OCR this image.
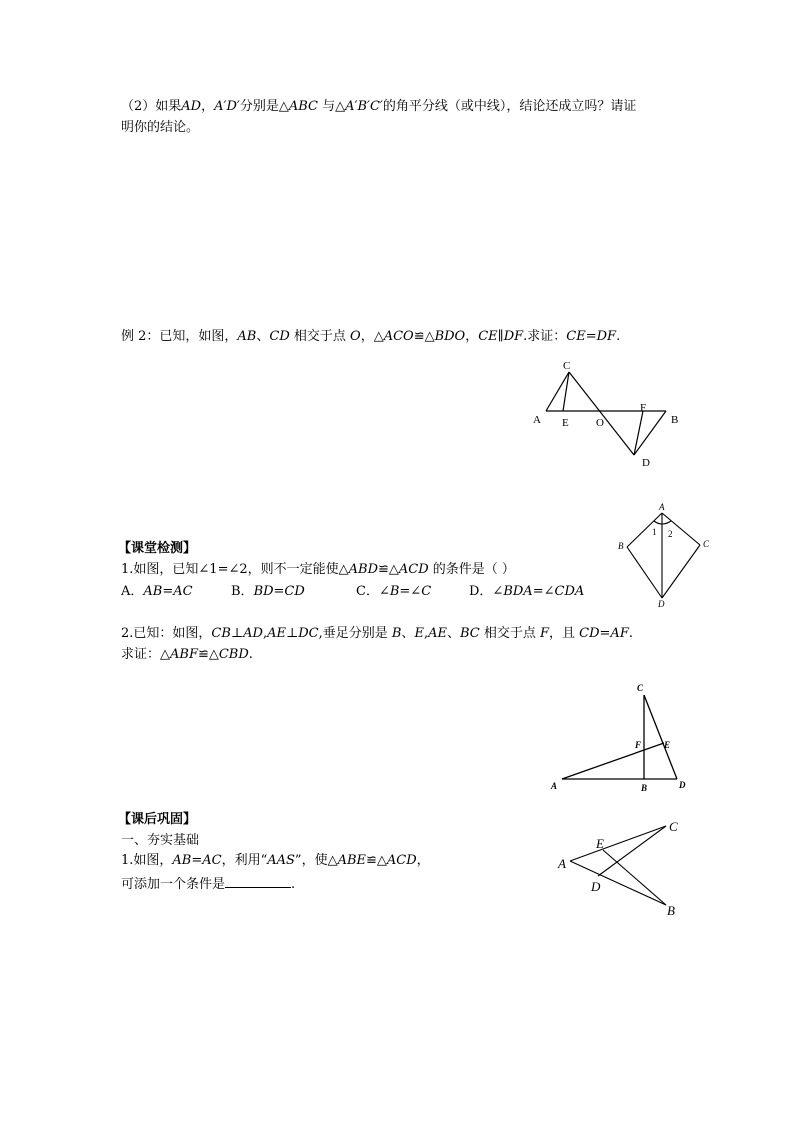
（2）如果AD，A′D′分别是△ABC 与△A′B′C′的角平分线（或中线），结论还成立吗？请证
明你的结论。
例 2：已知，如图，AB、CD 相交于点 O，△ACO≌△BDO，CE∥DF.求证：CE=DF.
C
A E O
F
B
D
【课堂检测】
1.如图，已知∠1=∠2，则不一定能使△ABD≌△ACD 的条件是（ ）
A．AB=AC	B．BD=CD	C．∠B=∠C	D．∠BDA=∠CDA
2.已知：如图，CB⊥AD,AE⊥DC,垂足分别是 B、E,AE、BC 相交于点 F，且 CD=AF.
求证：△ABF≌△CBD.
A
B	C
D
1 2
C
F	E
A	B	D
【课后巩固】
一、夯实基础
1.如图，AB=AC，利用“AAS”，使△ABE≌△ACD，
可添加一个条件是	.
A
E
C
D
B
